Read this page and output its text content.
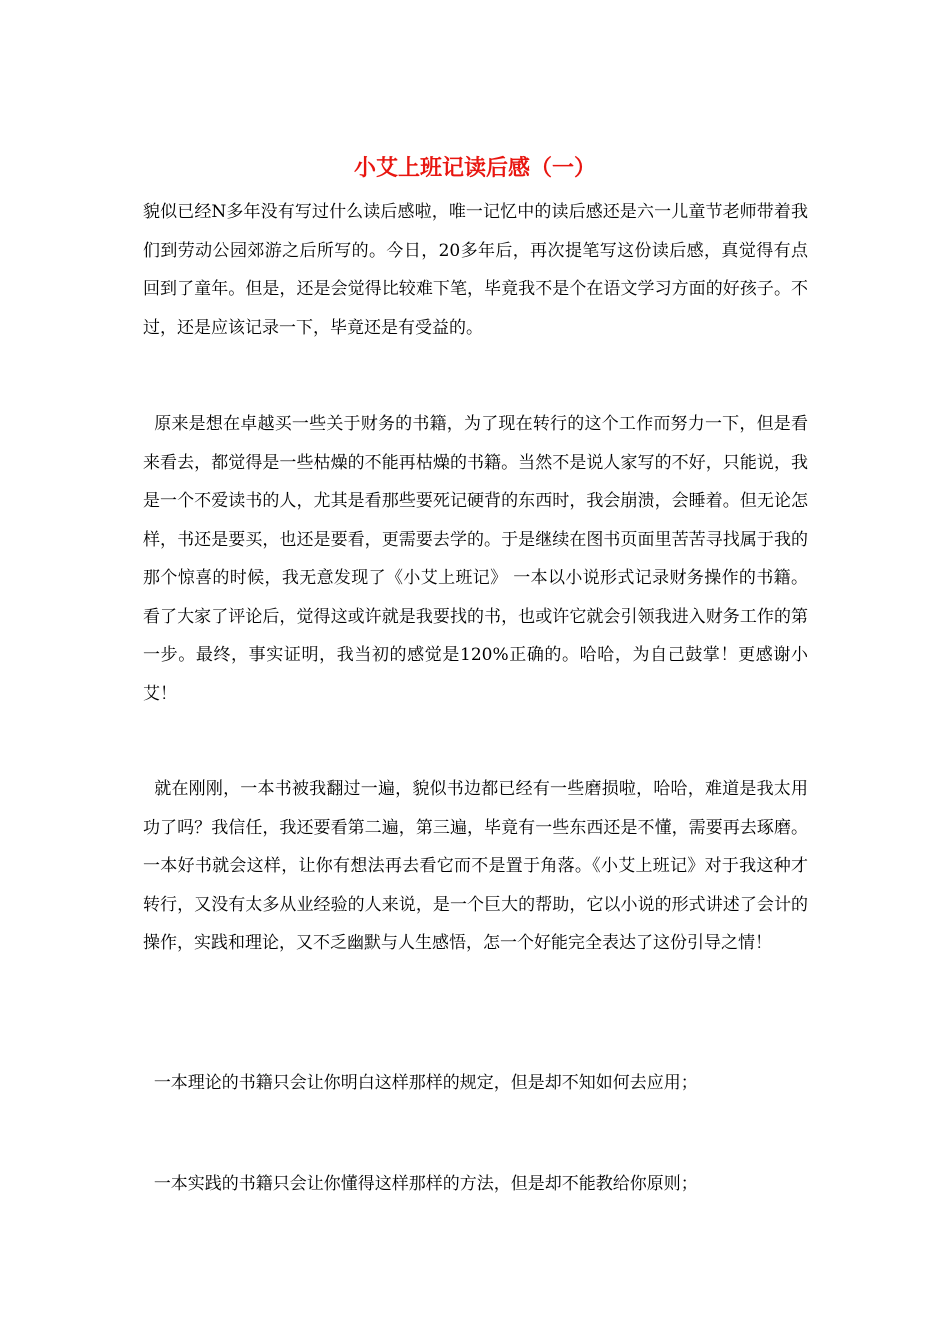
小艾上班记读后感（一）

貌似已经N多年没有写过什么读后感啦，唯一记忆中的读后感还是六一儿童节老师带着我们到劳动公园郊游之后所写的。今日，20多年后，再次提笔写这份读后感，真觉得有点回到了童年。但是，还是会觉得比较难下笔，毕竟我不是个在语文学习方面的好孩子。不过，还是应该记录一下，毕竟还是有受益的。

原来是想在卓越买一些关于财务的书籍，为了现在转行的这个工作而努力一下，但是看来看去，都觉得是一些枯燥的不能再枯燥的书籍。当然不是说人家写的不好，只能说，我是一个不爱读书的人，尤其是看那些要死记硬背的东西时，我会崩溃，会睡着。但无论怎样，书还是要买，也还是要看，更需要去学的。于是继续在图书页面里苦苦寻找属于我的那个惊喜的时候，我无意发现了《小艾上班记》 一本以小说形式记录财务操作的书籍。看了大家了评论后，觉得这或许就是我要找的书，也或许它就会引领我进入财务工作的第一步。最终，事实证明，我当初的感觉是120%正确的。哈哈，为自己鼓掌！更感谢小艾！

就在刚刚，一本书被我翻过一遍，貌似书边都已经有一些磨损啦，哈哈，难道是我太用功了吗？我信任，我还要看第二遍，第三遍，毕竟有一些东西还是不懂，需要再去琢磨。一本好书就会这样，让你有想法再去看它而不是置于角落。《小艾上班记》对于我这种才转行，又没有太多从业经验的人来说，是一个巨大的帮助，它以小说的形式讲述了会计的操作，实践和理论，又不乏幽默与人生感悟，怎一个好能完全表达了这份引导之情！

一本理论的书籍只会让你明白这样那样的规定，但是却不知如何去应用；

一本实践的书籍只会让你懂得这样那样的方法，但是却不能教给你原则；
